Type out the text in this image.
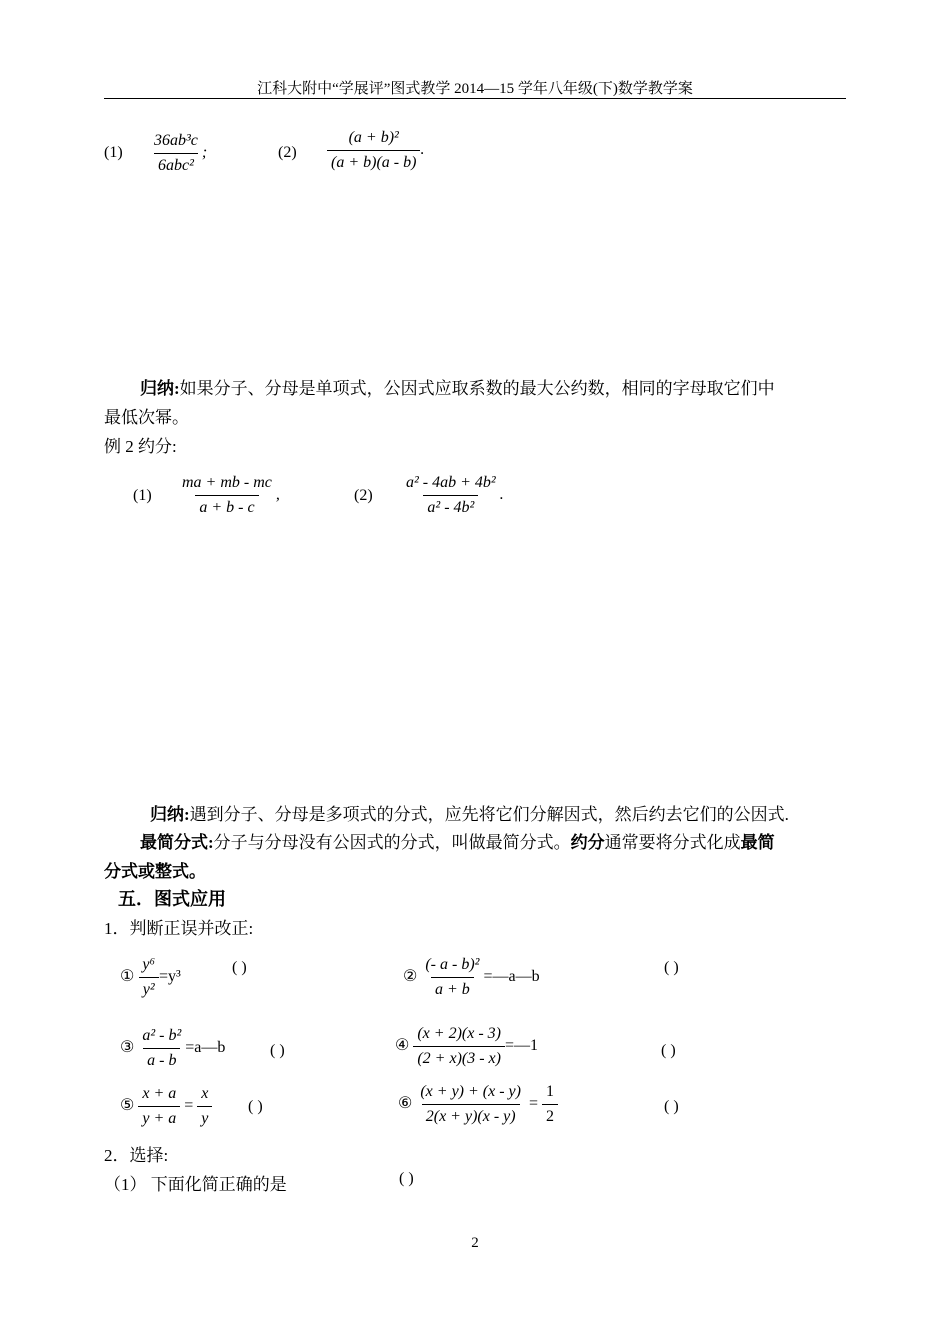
江科大附中“学展评”图式教学 2014—15 学年八年级(下)数学教学案
$(1) \frac{\text{36ab³c}}{\text{6abc²}}$ ;	$(2) \frac{\text{(a + b)²}}{(a + b)(a - b)}$ .
归纳:如果分子、分母是单项式，公因式应取系数的最大公约数，相同的字母取它们中
最低次幂。
例 2 约分:
$(1) \frac{ma + mb - mc}{a + b - c}$ ,	$(2) \frac{\text{a² - 4ab + 4b²}}{\text{a² - 4b²}}$ .
归纳:遇到分子、分母是多项式的分式，应先将它们分解因式，然后约去它们的公因式.
最简分式:分子与分母没有公因式的分式，叫做最简分式。约分通常要将分式化成最简
分式或整式。
五．图式应用
1．判断正误并改正:
① $\frac{\text{y⁶}}{\text{y²}} =y^3$
( )
② $\frac{\text{(- a - b)²}}{a + b}$ =—a—b
( )
③ $\frac{\text{a² - b²}}{a - b}$ =a—b	( )	④ $\frac{(x + 2)(x - 3)}{(2 + x)(3 - x)}$ =—1	( )
⑤ $\frac{x + a}{y + a} = \frac{x}{y}$ ( )	⑥ $\frac{(x + y) + (x - y)}{2(x + y)(x - y)} = \frac{1}{2}$	( )
2．选择:
（1） 下面化简正确的是	( )
2
